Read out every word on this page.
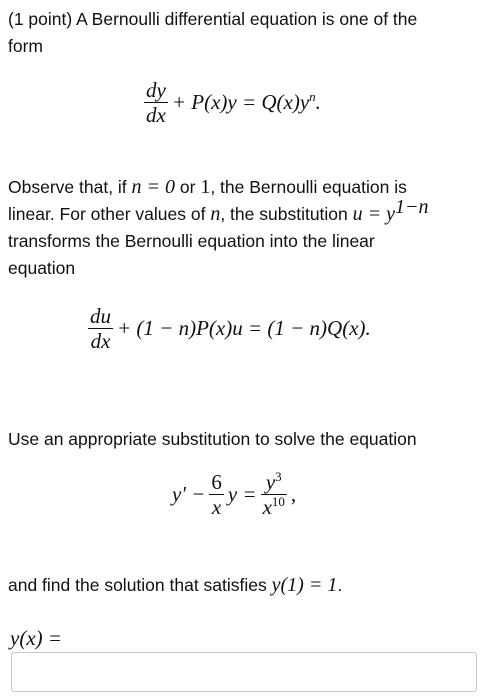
(1 point) A Bernoulli differential equation is one of the
form
$\frac{dy}{dx} + P(x)y = Q(x)y^n$.
Observe that, if n = 0 or 1, the Bernoulli equation is
linear. For other values of n, the substitution $u = y^{1-n}$
transforms the Bernoulli equation into the linear
equation
$\frac{du}{dx} + (1 - n)P(x)u = (1 - n)Q(x)$.
Use an appropriate substitution to solve the equation
$y' - \frac{6}{x}$ $y = \frac{y^3}{x^{10}}$ ,
and find the solution that satisfies y(1) = 1.
y(x) =
